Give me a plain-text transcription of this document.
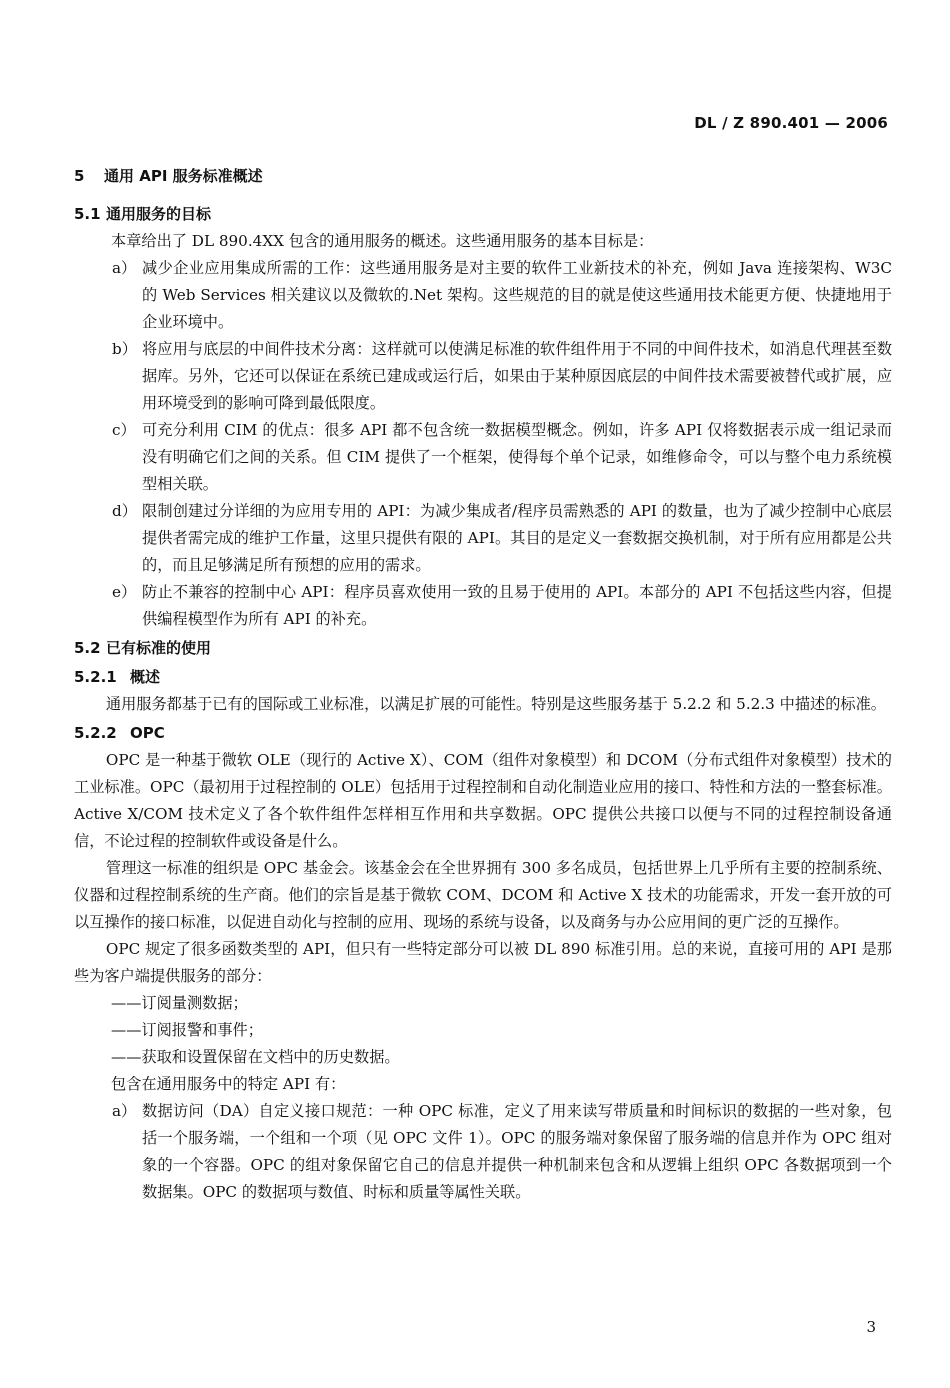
DL / Z 890.401 — 2006
5 通用 API 服务标准概述
5.1 通用服务的目标
本章给出了 DL 890.4XX 包含的通用服务的概述。这些通用服务的基本目标是：
a） 减少企业应用集成所需的工作：这些通用服务是对主要的软件工业新技术的补充，例如 Java 连接架构、W3C 的 Web Services 相关建议以及微软的.Net 架构。这些规范的目的就是使这些通用技术能更方便、快捷地用于企业环境中。
b） 将应用与底层的中间件技术分离：这样就可以使满足标准的软件组件用于不同的中间件技术，如消息代理甚至数据库。另外，它还可以保证在系统已建成或运行后，如果由于某种原因底层的中间件技术需要被替代或扩展，应用环境受到的影响可降到最低限度。
c） 可充分利用 CIM 的优点：很多 API 都不包含统一数据模型概念。例如，许多 API 仅将数据表示成一组记录而没有明确它们之间的关系。但 CIM 提供了一个框架，使得每个单个记录，如维修命令，可以与整个电力系统模型相关联。
d） 限制创建过分详细的为应用专用的 API：为减少集成者/程序员需熟悉的 API 的数量，也为了减少控制中心底层提供者需完成的维护工作量，这里只提供有限的 API。其目的是定义一套数据交换机制，对于所有应用都是公共的，而且足够满足所有预想的应用的需求。
e） 防止不兼容的控制中心 API：程序员喜欢使用一致的且易于使用的 API。本部分的 API 不包括这些内容，但提供编程模型作为所有 API 的补充。
5.2 已有标准的使用
5.2.1 概述
通用服务都基于已有的国际或工业标准，以满足扩展的可能性。特别是这些服务基于 5.2.2 和 5.2.3 中描述的标准。
5.2.2 OPC
OPC 是一种基于微软 OLE（现行的 Active X）、COM（组件对象模型）和 DCOM（分布式组件对象模型）技术的工业标准。OPC（最初用于过程控制的 OLE）包括用于过程控制和自动化制造业应用的接口、特性和方法的一整套标准。Active X/COM 技术定义了各个软件组件怎样相互作用和共享数据。OPC 提供公共接口以便与不同的过程控制设备通信，不论过程的控制软件或设备是什么。
管理这一标准的组织是 OPC 基金会。该基金会在全世界拥有 300 多名成员，包括世界上几乎所有主要的控制系统、仪器和过程控制系统的生产商。他们的宗旨是基于微软 COM、DCOM 和 Active X 技术的功能需求，开发一套开放的可以互操作的接口标准，以促进自动化与控制的应用、现场的系统与设备，以及商务与办公应用间的更广泛的互操作。
OPC 规定了很多函数类型的 API，但只有一些特定部分可以被 DL 890 标准引用。总的来说，直接可用的 API 是那些为客户端提供服务的部分：
——订阅量测数据；
——订阅报警和事件；
——获取和设置保留在文档中的历史数据。
包含在通用服务中的特定 API 有：
a） 数据访问（DA）自定义接口规范：一种 OPC 标准，定义了用来读写带质量和时间标识的数据的一些对象，包括一个服务端，一个组和一个项（见 OPC 文件 1）。OPC 的服务端对象保留了服务端的信息并作为 OPC 组对象的一个容器。OPC 的组对象保留它自己的信息并提供一种机制来包含和从逻辑上组织 OPC 各数据项到一个数据集。OPC 的数据项与数值、时标和质量等属性关联。
3
